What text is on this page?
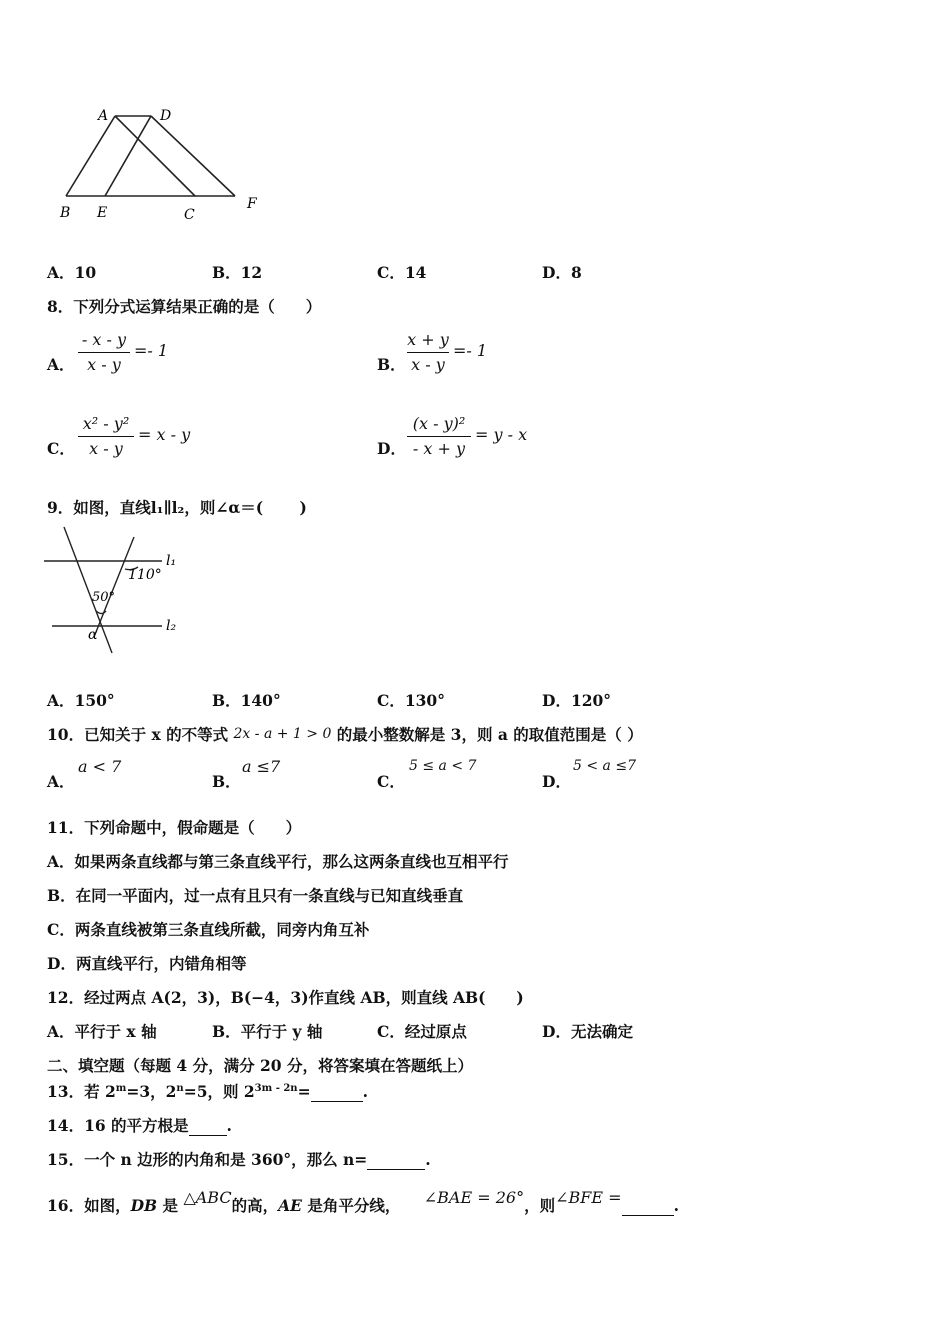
A	D
B E	C
F
A．10	B．12	C．14	D．8
8．下列分式运算结果正确的是（　　）
A．
- x - y
x - y
=- 1
B．
x + y
x - y
=- 1
C．
x² - y²
x - y
= x - y
D．
(x - y)²
- x + y
= y - x
9．如图，直线l₁∥l₂，则∠α＝(　　 )
l₁
l₂
110°
50°
α
A．150°	B．140°	C．130°	D．120°
10．已知关于 x 的不等式 2x - a + 1 > 0 的最小整数解是 3，则 a 的取值范围是（ ）
A．
a < 7
B．
a ≤7
C．
5 ≤ a < 7
D．
5 < a ≤7
11．下列命题中，假命题是（　　）
A．如果两条直线都与第三条直线平行，那么这两条直线也互相平行
B．在同一平面内，过一点有且只有一条直线与已知直线垂直
C．两条直线被第三条直线所截，同旁内角互补
D．两直线平行，内错角相等
12．经过两点 A(2，3)，B(−4，3)作直线 AB，则直线 AB(　　)
A．平行于 x 轴	B．平行于 y 轴	C．经过原点	D．无法确定
二、填空题（每题 4 分，满分 20 分，将答案填在答题纸上）
13．若 $2^m=3$，$2^n=5$，则 $2^{3m - 2n}=$	.
14．16 的平方根是 .
15．一个 n 边形的内角和是 360°，那么 n=	.
16．如图，DB 是 △ABC的高，AE 是角平分线， ∠BAE = 26°，则∠BFE =	.
